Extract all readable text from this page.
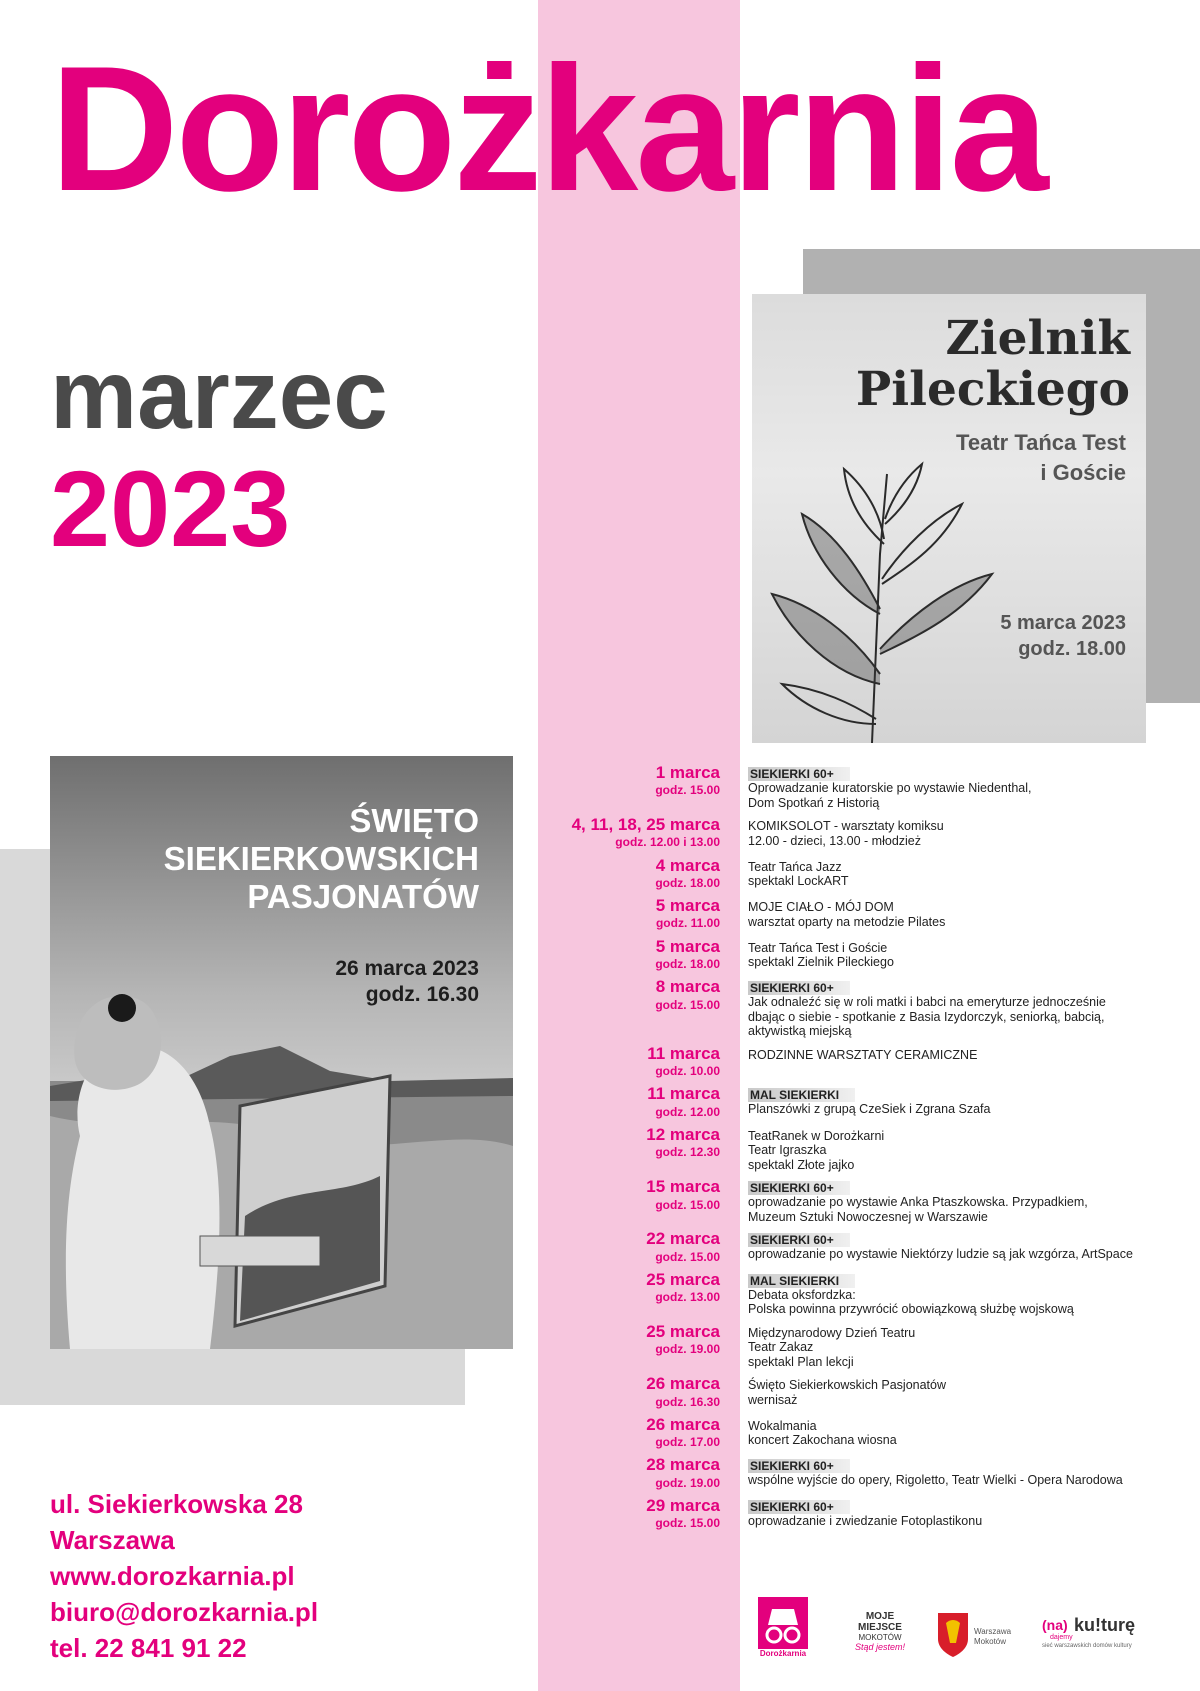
Dorożkarnia
marzec
2023
Zielnik
Pileckiego
Teatr Tańca Test
i Goście
5 marca 2023
godz. 18.00
ŚWIĘTO
SIEKIERKOWSKICH
PASJONATÓW
26 marca 2023
godz. 16.30
ul. Siekierkowska 28
Warszawa
www.dorozkarnia.pl
biuro@dorozkarnia.pl
tel. 22 841 91 22
1 marca
godz. 15.00
SIEKIERKI 60+
Oprowadzanie kuratorskie po wystawie Niedenthal,
Dom Spotkań z Historią
4, 11, 18, 25 marca
godz. 12.00 i 13.00
KOMIKSOLOT - warsztaty komiksu
12.00 - dzieci, 13.00 - młodzież
4 marca
godz. 18.00
Teatr Tańca Jazz
spektakl LockART
5 marca
godz. 11.00
MOJE CIAŁO - MÓJ DOM
warsztat oparty na metodzie Pilates
5 marca
godz. 18.00
Teatr Tańca Test i Goście
spektakl Zielnik Pileckiego
8 marca
godz. 15.00
SIEKIERKI 60+
Jak odnaleźć się w roli matki i babci na emeryturze jednocześnie
dbając o siebie - spotkanie z Basia Izydorczyk, seniorką, babcią,
aktywistką miejską
11 marca
godz. 10.00
RODZINNE WARSZTATY CERAMICZNE
11 marca
godz. 12.00
MAL SIEKIERKI
Planszówki z grupą CzeSiek i Zgrana Szafa
12 marca
godz. 12.30
TeatRanek w Dorożkarni
Teatr Igraszka
spektakl Złote jajko
15 marca
godz. 15.00
SIEKIERKI 60+
oprowadzanie po wystawie Anka Ptaszkowska. Przypadkiem,
Muzeum Sztuki Nowoczesnej w Warszawie
22 marca
godz. 15.00
SIEKIERKI 60+
oprowadzanie po wystawie Niektórzy ludzie są jak wzgórza, ArtSpace
25 marca
godz. 13.00
MAL SIEKIERKI
Debata oksfordzka:
Polska powinna przywrócić obowiązkową służbę wojskową
25 marca
godz. 19.00
Międzynarodowy Dzień Teatru
Teatr Zakaz
spektakl Plan lekcji
26 marca
godz. 16.30
Święto Siekierkowskich Pasjonatów
wernisaż
26 marca
godz. 17.00
Wokalmania
koncert Zakochana wiosna
28 marca
godz. 19.00
SIEKIERKI 60+
wspólne wyjście do opery, Rigoletto, Teatr Wielki - Opera Narodowa
29 marca
godz. 15.00
SIEKIERKI 60+
oprowadzanie i zwiedzanie Fotoplastikonu
Dorożkarnia
MOJE
MIEJSCE
MOKOTÓW
Stąd jestem!
Warszawa
Mokotów
(na) ku!turę
dajemy
sieć warszawskich domów kultury
